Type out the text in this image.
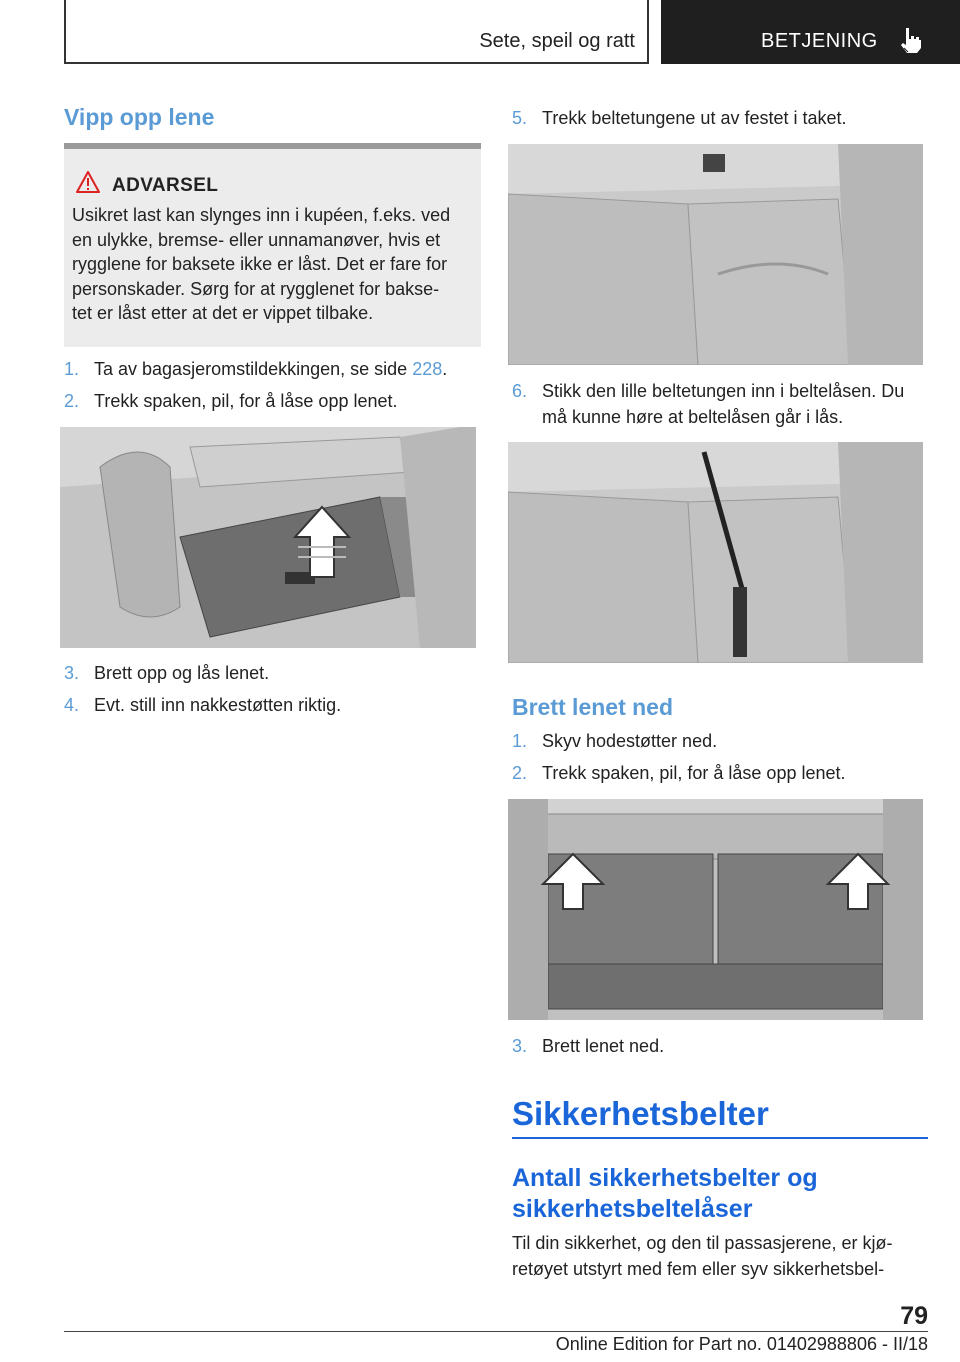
Sete, speil og ratt	BETJENING
Vipp opp lene
ADVARSEL
Usikret last kan slynges inn i kupéen, f.eks. ved
en ulykke, bremse- eller unnamanøver, hvis et
rygglene for baksete ikke er låst. Det er fare for
personskader. Sørg for at rygglenet for bakse-
tet er låst etter at det er vippet tilbake.
1. Ta av bagasjeromstildekkingen, se side 228.
2. Trekk spaken, pil, for å låse opp lenet.
3. Brett opp og lås lenet.
4. Evt. still inn nakkestøtten riktig.
5. Trekk beltetungene ut av festet i taket.
6. Stikk den lille beltetungen inn i beltelåsen. Du
må kunne høre at beltelåsen går i lås.
Brett lenet ned
1. Skyv hodestøtter ned.
2. Trekk spaken, pil, for å låse opp lenet.
3. Brett lenet ned.
Sikkerhetsbelter
Antall sikkerhetsbelter og
sikkerhetsbeltelåser
Til din sikkerhet, og den til passasjerene, er kjø-
retøyet utstyrt med fem eller syv sikkerhetsbel-
79
Online Edition for Part no. 01402988806 - II/18
